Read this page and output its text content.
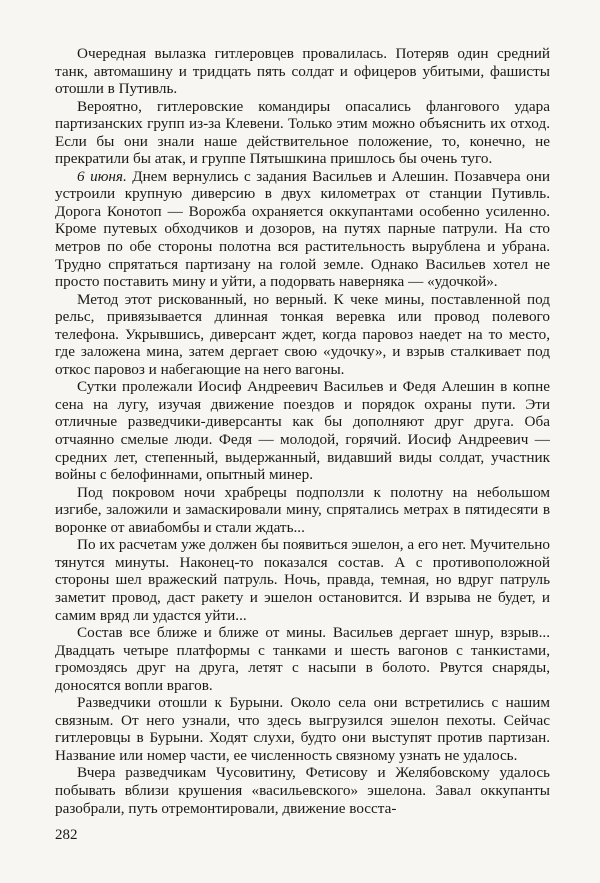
Очередная вылазка гитлеровцев провалилась. Потеряв один средний танк, автомашину и тридцать пять солдат и офицеров убитыми, фашисты отошли в Путивль.

Вероятно, гитлеровские командиры опасались флангового удара партизанских групп из-за Клевени. Только этим можно объяснить их отход. Если бы они знали наше действительное положение, то, конечно, не прекратили бы атак, и группе Пятышкина пришлось бы очень туго.

6 июня. Днем вернулись с задания Васильев и Алешин. Позавчера они устроили крупную диверсию в двух километрах от станции Путивль. Дорога Конотоп — Ворожба охраняется оккупантами особенно усиленно. Кроме путевых обходчиков и дозоров, на путях парные патрули. На сто метров по обе стороны полотна вся растительность вырублена и убрана. Трудно спрятаться партизану на голой земле. Однако Васильев хотел не просто поставить мину и уйти, а подорвать наверняка — «удочкой».

Метод этот рискованный, но верный. К чеке мины, поставленной под рельс, привязывается длинная тонкая веревка или провод полевого телефона. Укрывшись, диверсант ждет, когда паровоз наедет на то место, где заложена мина, затем дергает свою «удочку», и взрыв сталкивает под откос паровоз и набегающие на него вагоны.

Сутки пролежали Иосиф Андреевич Васильев и Федя Алешин в копне сена на лугу, изучая движение поездов и порядок охраны пути. Эти отличные разведчики-диверсанты как бы дополняют друг друга. Оба отчаянно смелые люди. Федя — молодой, горячий. Иосиф Андреевич — средних лет, степенный, выдержанный, видавший виды солдат, участник войны с белофиннами, опытный минер.

Под покровом ночи храбрецы подползли к полотну на небольшом изгибе, заложили и замаскировали мину, спрятались метрах в пятидесяти в воронке от авиабомбы и стали ждать...

По их расчетам уже должен бы появиться эшелон, а его нет. Мучительно тянутся минуты. Наконец-то показался состав. А с противоположной стороны шел вражеский патруль. Ночь, правда, темная, но вдруг патруль заметит провод, даст ракету и эшелон остановится. И взрыва не будет, и самим вряд ли удастся уйти...

Состав все ближе и ближе от мины. Васильев дергает шнур, взрыв... Двадцать четыре платформы с танками и шесть вагонов с танкистами, громоздясь друг на друга, летят с насыпи в болото. Рвутся снаряды, доносятся вопли врагов.

Разведчики отошли к Бурыни. Около села они встретились с нашим связным. От него узнали, что здесь выгрузился эшелон пехоты. Сейчас гитлеровцы в Бурыни. Ходят слухи, будто они выступят против партизан. Название или номер части, ее численность связному узнать не удалось.

Вчера разведчикам Чусовитину, Фетисову и Желябовскому удалось побывать вблизи крушения «васильевского» эшелона. Завал оккупанты разобрали, путь отремонтировали, движение восста-

282
